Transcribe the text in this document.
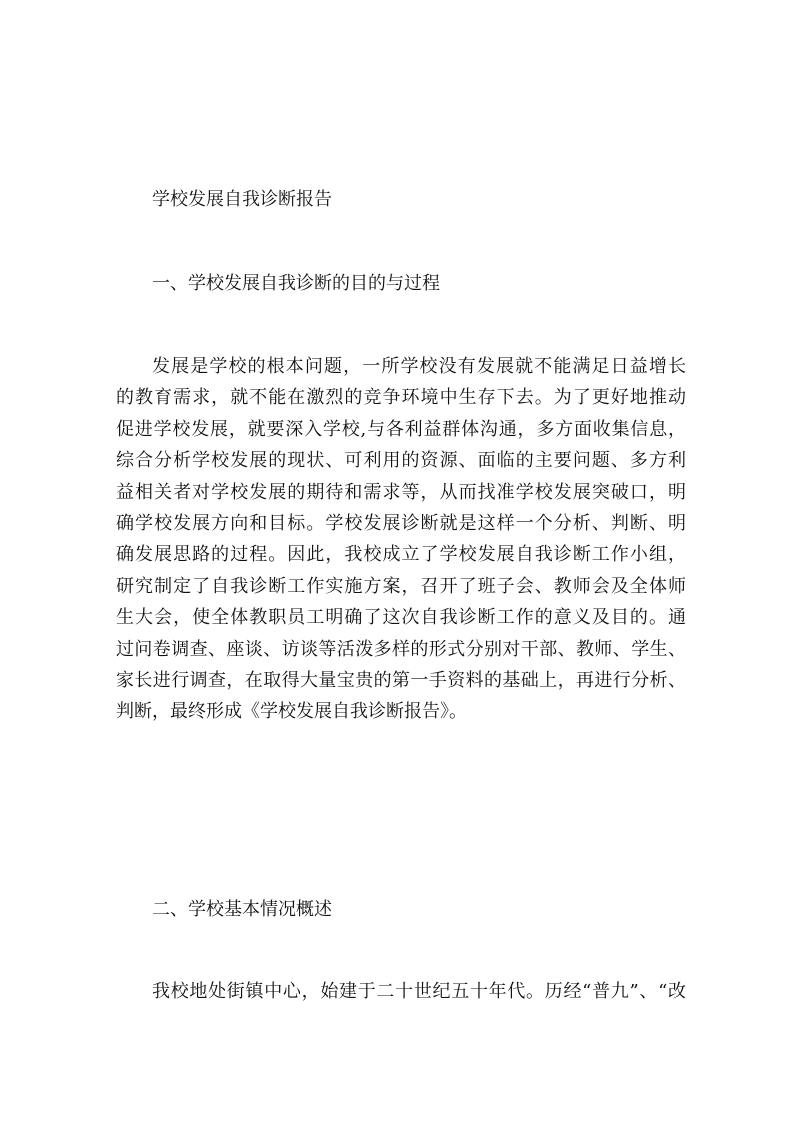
学校发展自我诊断报告
一、学校发展自我诊断的目的与过程
发展是学校的根本问题，一所学校没有发展就不能满足日益增长
的教育需求，就不能在激烈的竞争环境中生存下去。为了更好地推动
促进学校发展，就要深入学校,与各利益群体沟通，多方面收集信息，
综合分析学校发展的现状、可利用的资源、面临的主要问题、多方利
益相关者对学校发展的期待和需求等，从而找准学校发展突破口，明
确学校发展方向和目标。学校发展诊断就是这样一个分析、判断、明
确发展思路的过程。因此，我校成立了学校发展自我诊断工作小组，
研究制定了自我诊断工作实施方案，召开了班子会、教师会及全体师
生大会，使全体教职员工明确了这次自我诊断工作的意义及目的。通
过问卷调查、座谈、访谈等活泼多样的形式分别对干部、教师、学生、
家长进行调查，在取得大量宝贵的第一手资料的基础上，再进行分析、
判断，最终形成《学校发展自我诊断报告》。
二、学校基本情况概述
我校地处街镇中心，始建于二十世纪五十年代。历经“普九”、“改
